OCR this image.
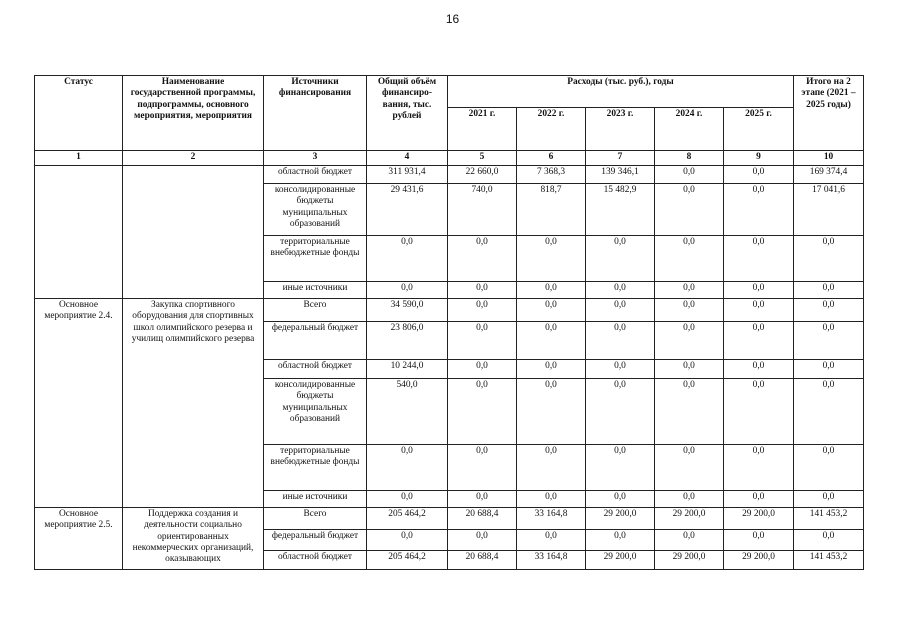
16
Статус	Наименование государственной программы, подпрограммы, основного мероприятия, мероприятия	Источники финансирования	Общий объём финансиро-вания, тыс. рублей	Расходы (тыс. руб.), годы					Итого на 2 этапе (2021 – 2025 годы)
				2021 г.	2022 г.	2023 г.	2024 г.	2025 г.	
1	2	3	4	5	6	7	8	9	10
		областной бюджет	311 931,4	22 660,0	7 368,3	139 346,1	0,0	0,0	169 374,4
		консолидированные бюджеты муниципальных образований	29 431,6	740,0	818,7	15 482,9	0,0	0,0	17 041,6
		территориальные внебюджетные фонды	0,0	0,0	0,0	0,0	0,0	0,0	0,0
		иные источники	0,0	0,0	0,0	0,0	0,0	0,0	0,0
Основное мероприятие 2.4.	Закупка спортивного оборудования для спортивных школ олимпийского резерва и училищ олимпийского резерва	Всего	34 590,0	0,0	0,0	0,0	0,0	0,0	0,0
		федеральный бюджет	23 806,0	0,0	0,0	0,0	0,0	0,0	0,0
		областной бюджет	10 244,0	0,0	0,0	0,0	0,0	0,0	0,0
		консолидированные бюджеты муниципальных образований	540,0	0,0	0,0	0,0	0,0	0,0	0,0
		территориальные внебюджетные фонды	0,0	0,0	0,0	0,0	0,0	0,0	0,0
		иные источники	0,0	0,0	0,0	0,0	0,0	0,0	0,0
Основное мероприятие 2.5.	Поддержка создания и деятельности социально ориентированных некоммерческих организаций, оказывающих	Всего	205 464,2	20 688,4	33 164,8	29 200,0	29 200,0	29 200,0	141 453,2
		федеральный бюджет	0,0	0,0	0,0	0,0	0,0	0,0	0,0
		областной бюджет	205 464,2	20 688,4	33 164,8	29 200,0	29 200,0	29 200,0	141 453,2
